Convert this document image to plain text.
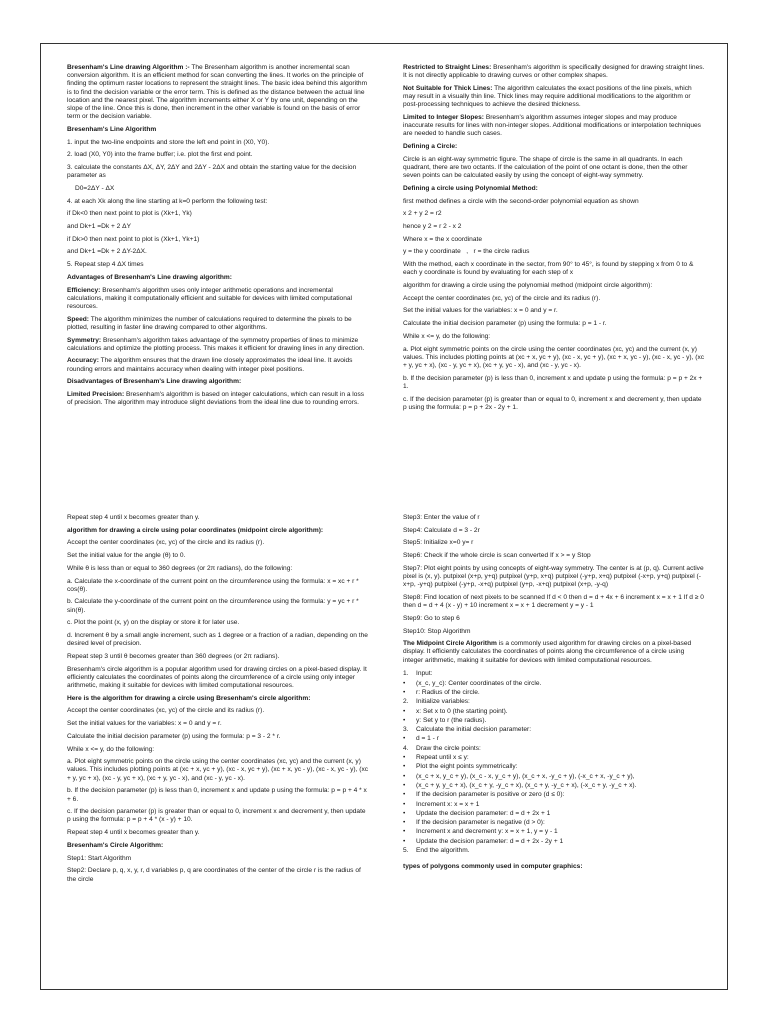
Bresenham's Line drawing Algorithm :- The Bresenham algorithm is another incremental scan conversion algorithm. It is an efficient method for scan converting the lines. It works on the principle of finding the optimum raster locations to represent the straight lines. The basic idea behind this algorithm is to find the decision variable or the error term. This is defined as the distance between the actual line location and the nearest pixel. The algorithm increments either X or Y by one unit, depending on the slope of the line. Once this is done, then increment in the other variable is found on the basis of error term or the decision variable.

Bresenham's Line Algorithm

1. input the two-line endpoints and store the left end point in (X0, Y0).

2. load (X0, Y0) into the frame buffer; i.e. plot the first end point.

3. calculate the constants ΔX, ΔY, 2ΔY and 2ΔY - 2ΔX and obtain the starting value for the decision parameter as

D0=2ΔY - ΔX

4. at each Xk along the line starting at k=0 perform the following test:

if Dk<0 then next point to plot is (Xk+1, Yk)

and Dk+1 =Dk + 2 ΔY

if Dk>0 then next point to plot is (Xk+1, Yk+1)

and Dk+1 =Dk + 2 ΔY-2ΔX.

5. Repeat step 4 ΔX times

Advantages of Bresenham's Line drawing algorithm:

Efficiency: Bresenham's algorithm uses only integer arithmetic operations and incremental calculations, making it computationally efficient and suitable for devices with limited computational resources.

Speed: The algorithm minimizes the number of calculations required to determine the pixels to be plotted, resulting in faster line drawing compared to other algorithms.

Symmetry: Bresenham's algorithm takes advantage of the symmetry properties of lines to minimize calculations and optimize the plotting process. This makes it efficient for drawing lines in any direction.

Accuracy: The algorithm ensures that the drawn line closely approximates the ideal line. It avoids rounding errors and maintains accuracy when dealing with integer pixel positions.

Disadvantages of Bresenham's Line drawing algorithm:

Limited Precision: Bresenham's algorithm is based on integer calculations, which can result in a loss of precision. The algorithm may introduce slight deviations from the ideal line due to rounding errors.

Restricted to Straight Lines: Bresenham's algorithm is specifically designed for drawing straight lines. It is not directly applicable to drawing curves or other complex shapes.

Not Suitable for Thick Lines: The algorithm calculates the exact positions of the line pixels, which may result in a visually thin line. Thick lines may require additional modifications to the algorithm or post-processing techniques to achieve the desired thickness.

Limited to Integer Slopes: Bresenham's algorithm assumes integer slopes and may produce inaccurate results for lines with non-integer slopes. Additional modifications or interpolation techniques are needed to handle such cases.

Defining a Circle:

Circle is an eight-way symmetric figure. The shape of circle is the same in all quadrants. In each quadrant, there are two octants. If the calculation of the point of one octant is done, then the other seven points can be calculated easily by using the concept of eight-way symmetry.

Defining a circle using Polynomial Method:

first method defines a circle with the second-order polynomial equation as shown

x 2 + y 2 = r2

hence y 2 = r 2 - x 2

Where x = the x coordinate

y = the y coordinate   ,   r = the circle radius

With the method, each x coordinate in the sector, from 90° to 45°, is found by stepping x from 0 to & each y coordinate is found by evaluating for each step of x

algorithm for drawing a circle using the polynomial method (midpoint circle algorithm):

Accept the center coordinates (xc, yc) of the circle and its radius (r).

Set the initial values for the variables: x = 0 and y = r.

Calculate the initial decision parameter (p) using the formula: p = 1 - r.

While x <= y, do the following:

a. Plot eight symmetric points on the circle using the center coordinates (xc, yc) and the current (x, y) values. This includes plotting points at (xc + x, yc + y), (xc - x, yc + y), (xc + x, yc - y), (xc - x, yc - y), (xc + y, yc + x), (xc - y, yc + x), (xc + y, yc - x), and (xc - y, yc - x).

b. If the decision parameter (p) is less than 0, increment x and update p using the formula: p = p + 2x + 1.

c. If the decision parameter (p) is greater than or equal to 0, increment x and decrement y, then update p using the formula: p = p + 2x - 2y + 1.

Repeat step 4 until x becomes greater than y.

algorithm for drawing a circle using polar coordinates (midpoint circle algorithm):

Accept the center coordinates (xc, yc) of the circle and its radius (r).

Set the initial value for the angle (θ) to 0.

While θ is less than or equal to 360 degrees (or 2π radians), do the following:

a. Calculate the x-coordinate of the current point on the circumference using the formula: x = xc + r * cos(θ).

b. Calculate the y-coordinate of the current point on the circumference using the formula: y = yc + r * sin(θ).

c. Plot the point (x, y) on the display or store it for later use.

d. Increment θ by a small angle increment, such as 1 degree or a fraction of a radian, depending on the desired level of precision.

Repeat step 3 until θ becomes greater than 360 degrees (or 2π radians).

Bresenham's circle algorithm is a popular algorithm used for drawing circles on a pixel-based display. It efficiently calculates the coordinates of points along the circumference of a circle using only integer arithmetic, making it suitable for devices with limited computational resources.

Here is the algorithm for drawing a circle using Bresenham's circle algorithm:

Accept the center coordinates (xc, yc) of the circle and its radius (r).

Set the initial values for the variables: x = 0 and y = r.

Calculate the initial decision parameter (p) using the formula: p = 3 - 2 * r.

While x <= y, do the following:

a. Plot eight symmetric points on the circle using the center coordinates (xc, yc) and the current (x, y) values. This includes plotting points at (xc + x, yc + y), (xc - x, yc + y), (xc + x, yc - y), (xc - x, yc - y), (xc + y, yc + x), (xc - y, yc + x), (xc + y, yc - x), and (xc - y, yc - x).

b. If the decision parameter (p) is less than 0, increment x and update p using the formula: p = p + 4 * x + 6.

c. If the decision parameter (p) is greater than or equal to 0, increment x and decrement y, then update p using the formula: p = p + 4 * (x - y) + 10.

Repeat step 4 until x becomes greater than y.

Bresenham's Circle Algorithm:

Step1: Start Algorithm

Step2: Declare p, q, x, y, r, d variables p, q are coordinates of the center of the circle r is the radius of the circle

Step3: Enter the value of r

Step4: Calculate d = 3 - 2r

Step5: Initialize x=0 y= r

Step6: Check if the whole circle is scan converted If x > = y Stop

Step7: Plot eight points by using concepts of eight-way symmetry. The center is at (p, q). Current active pixel is (x, y). putpixel (x+p, y+q) putpixel (y+p, x+q) putpixel (-y+p, x+q) putpixel (-x+p, y+q) putpixel (-x+p, -y+q) putpixel (-y+p, -x+q) putpixel (y+p, -x+q) putpixel (x+p, -y-q)

Step8: Find location of next pixels to be scanned If d < 0 then d = d + 4x + 6 increment x = x + 1 If d ≥ 0 then d = d + 4 (x - y) + 10 increment x = x + 1 decrement y = y - 1

Step9: Go to step 6

Step10: Stop Algorithm

The Midpoint Circle Algorithm is a commonly used algorithm for drawing circles on a pixel-based display. It efficiently calculates the coordinates of points along the circumference of a circle using integer arithmetic, making it suitable for devices with limited computational resources.

1.	Input:
•	(x_c, y_c): Center coordinates of the circle.
•	r: Radius of the circle.
2.	Initialize variables:
•	x: Set x to 0 (the starting point).
•	y: Set y to r (the radius).
3.	Calculate the initial decision parameter:
•	d = 1 - r
4.	Draw the circle points:
•	Repeat until x ≤ y:
•	Plot the eight points symmetrically:
•	(x_c + x, y_c + y), (x_c - x, y_c + y), (x_c + x, -y_c + y), (-x_c + x, -y_c + y),
•	(x_c + y, y_c + x), (x_c + y, -y_c + x), (x_c + y, -y_c + x), (-x_c + y, -y_c + x).
•	If the decision parameter is positive or zero (d ≤ 0):
•	Increment x: x = x + 1
•	Update the decision parameter: d = d + 2x + 1
•	If the decision parameter is negative (d > 0):
•	Increment x and decrement y: x = x + 1, y = y - 1
•	Update the decision parameter: d = d + 2x - 2y + 1
5.	End the algorithm.

types of polygons commonly used in computer graphics:
